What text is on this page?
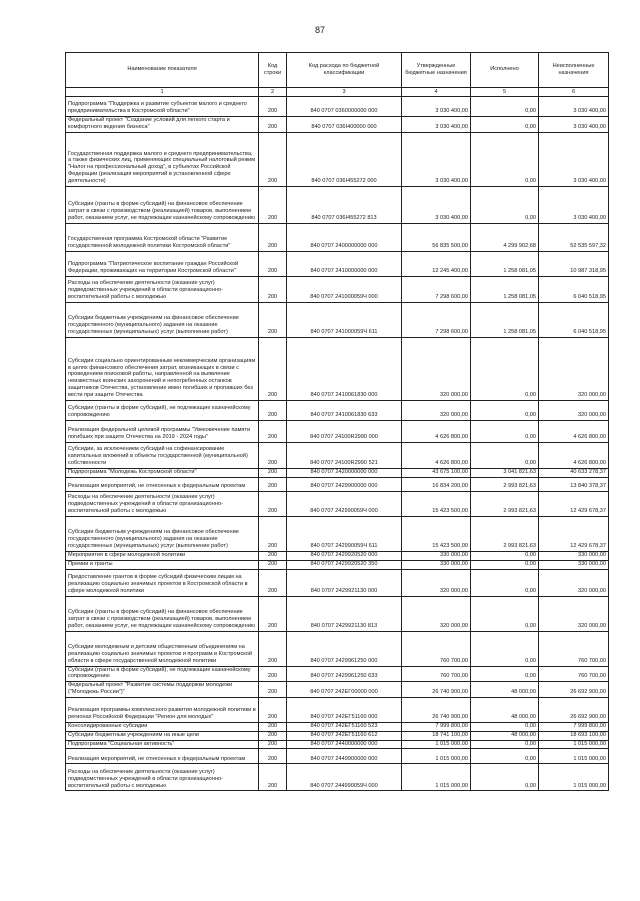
87
Наименование показателя	Код строки	Код расхода по бюджетной классификации	Утвержденные бюджетные назначения	Исполнено	Неисполненные назначения
1	2	3	4	5	6
Подпрограмма "Поддержка и развитие субъектов малого и среднего предпринимательства в Костромской области"	200	840 0707 0360000000 000	3 030 400,00	0,00	3 030 400,00
Федеральный проект "Создание условий для легкого старта и комфортного ведения бизнеса"	200	840 0707 036I400000 000	3 030 400,00	0,00	3 030 400,00
Государственная поддержка малого и среднего предпринимательства, а также физических лиц, применяющих специальный налоговый режим "Налог на профессиональный доход", в субъектах Российской Федерации (реализация мероприятий в установленной сфере деятельности)	200	840 0707 036I455272 000	3 030 400,00	0,00	3 030 400,00
Субсидии (гранты в форме субсидий) на финансовое обеспечение затрат в связи с производством (реализацией) товаров, выполнением работ, оказанием услуг, не подлежащие казначейскому сопровождению	200	840 0707 036I455272 813	3 030 400,00	0,00	3 030 400,00
Государственная программа Костромской области "Развитие государственной молодежной политики Костромской области"	200	840 0707 2400000000 000	56 835 500,00	4 299 902,68	52 535 597,32
Подпрограмма "Патриотическое воспитание граждан Российской Федерации, проживающих на территории Костромской области"	200	840 0707 2410000000 000	12 245 400,00	1 258 081,05	10 987 318,95
Расходы на обеспечение деятельности (оказание услуг) подведомственных учреждений в области организационно-воспитательной работы с молодежью	200	840 0707 241000059Ч 000	7 298 600,00	1 258 081,05	6 040 518,95
Субсидии бюджетным учреждениям на финансовое обеспечение государственного (муниципального) задания на оказание государственных (муниципальных) услуг (выполнение работ)	200	840 0707 241000059Ч 611	7 298 600,00	1 258 081,05	6 040 518,95
Субсидии социально ориентированным некоммерческим организациям в целях финансового обеспечения затрат, возникающих в связи с проведением поисковой работы, направленной на выявление неизвестных воинских захоронений и непогребенных останков защитников Отечества, установление имен погибших и пропавших без вести при защите Отечества	200	840 0707 2410061830 000	320 000,00	0,00	320 000,00
Субсидии (гранты в форме субсидий), не подлежащие казначейскому сопровождению	200	840 0707 2410061830 633	320 000,00	0,00	320 000,00
Реализация федеральной целевой программы "Увековечение памяти погибших при защите Отечества на 2019 - 2024 годы"	200	840 0707 24100R2990 000	4 626 800,00	0,00	4 626 800,00
Субсидии, за исключением субсидий на софинансирование капитальных вложений в объекты государственной (муниципальной) собственности	200	840 0707 24100R2990 521	4 626 800,00	0,00	4 626 800,00
Подпрограмма "Молодежь Костромской области"	200	840 0707 2420000000 000	43 675 100,00	3 041 821,63	40 633 278,37
Реализация мероприятий, не отнесенных к федеральным проектам	200	840 0707 2429900000 000	16 834 200,00	2 993 821,63	13 840 378,37
Расходы на обеспечение деятельности (оказание услуг) подведомственных учреждений в области организационно-воспитательной работы с молодежью	200	840 0707 242990059Ч 000	15 423 500,00	2 993 821,63	12 429 678,37
Субсидии бюджетным учреждениям на финансовое обеспечение государственного (муниципального) задания на оказание государственных (муниципальных) услуг (выполнение работ)	200	840 0707 242990059Ч 611	15 423 500,00	2 993 821,63	12 429 678,37
Мероприятия в сфере молодежной политики	200	840 0707 2429920520 000	330 000,00	0,00	330 000,00
Премии и гранты	200	840 0707 2429920520 350	330 000,00	0,00	330 000,00
Предоставление грантов в форме субсидий физическим лицам на реализацию социально значимых проектов в Костромской области в сфере молодежной политики	200	840 0707 2429921130 000	320 000,00	0,00	320 000,00
Субсидии (гранты в форме субсидий) на финансовое обеспечение затрат в связи с производством (реализацией) товаров, выполнением работ, оказанием услуг, не подлежащие казначейскому сопровождению	200	840 0707 2429921130 813	320 000,00	0,00	320 000,00
Субсидии молодежным и детским общественным объединениям на реализацию социально значимых проектов и программ в Костромской области в сфере государственной молодежной политики	200	840 0707 2429961250 000	760 700,00	0,00	760 700,00
Субсидии (гранты в форме субсидий), не подлежащие казначейскому сопровождению	200	840 0707 2429961250 633	760 700,00	0,00	760 700,00
Федеральный проект "Развитие системы поддержки молодежи ("Молодежь России")"	200	840 0707 242EГ00000 000	26 740 900,00	48 000,00	26 692 900,00
Реализация программы комплексного развития молодежной политики в регионах Российской Федерации "Регион для молодых"	200	840 0707 242EГ51160 000	26 740 900,00	48 000,00	26 692 900,00
Консолидированные субсидии	200	840 0707 242EГ51160 523	7 999 800,00	0,00	7 999 800,00
Субсидии бюджетным учреждениям на иные цели	200	840 0707 242EГ51160 612	18 741 100,00	48 000,00	18 693 100,00
Подпрограмма "Социальная активность"	200	840 0707 2440000000 000	1 015 000,00	0,00	1 015 000,00
Реализация мероприятий, не отнесенных к федеральным проектам	200	840 0707 2449900000 000	1 015 000,00	0,00	1 015 000,00
Расходы на обеспечение деятельности (оказание услуг) подведомственных учреждений в области организационно-воспитательной работы с молодежью	200	840 0707 244990059Ч 000	1 015 000,00	0,00	1 015 000,00
